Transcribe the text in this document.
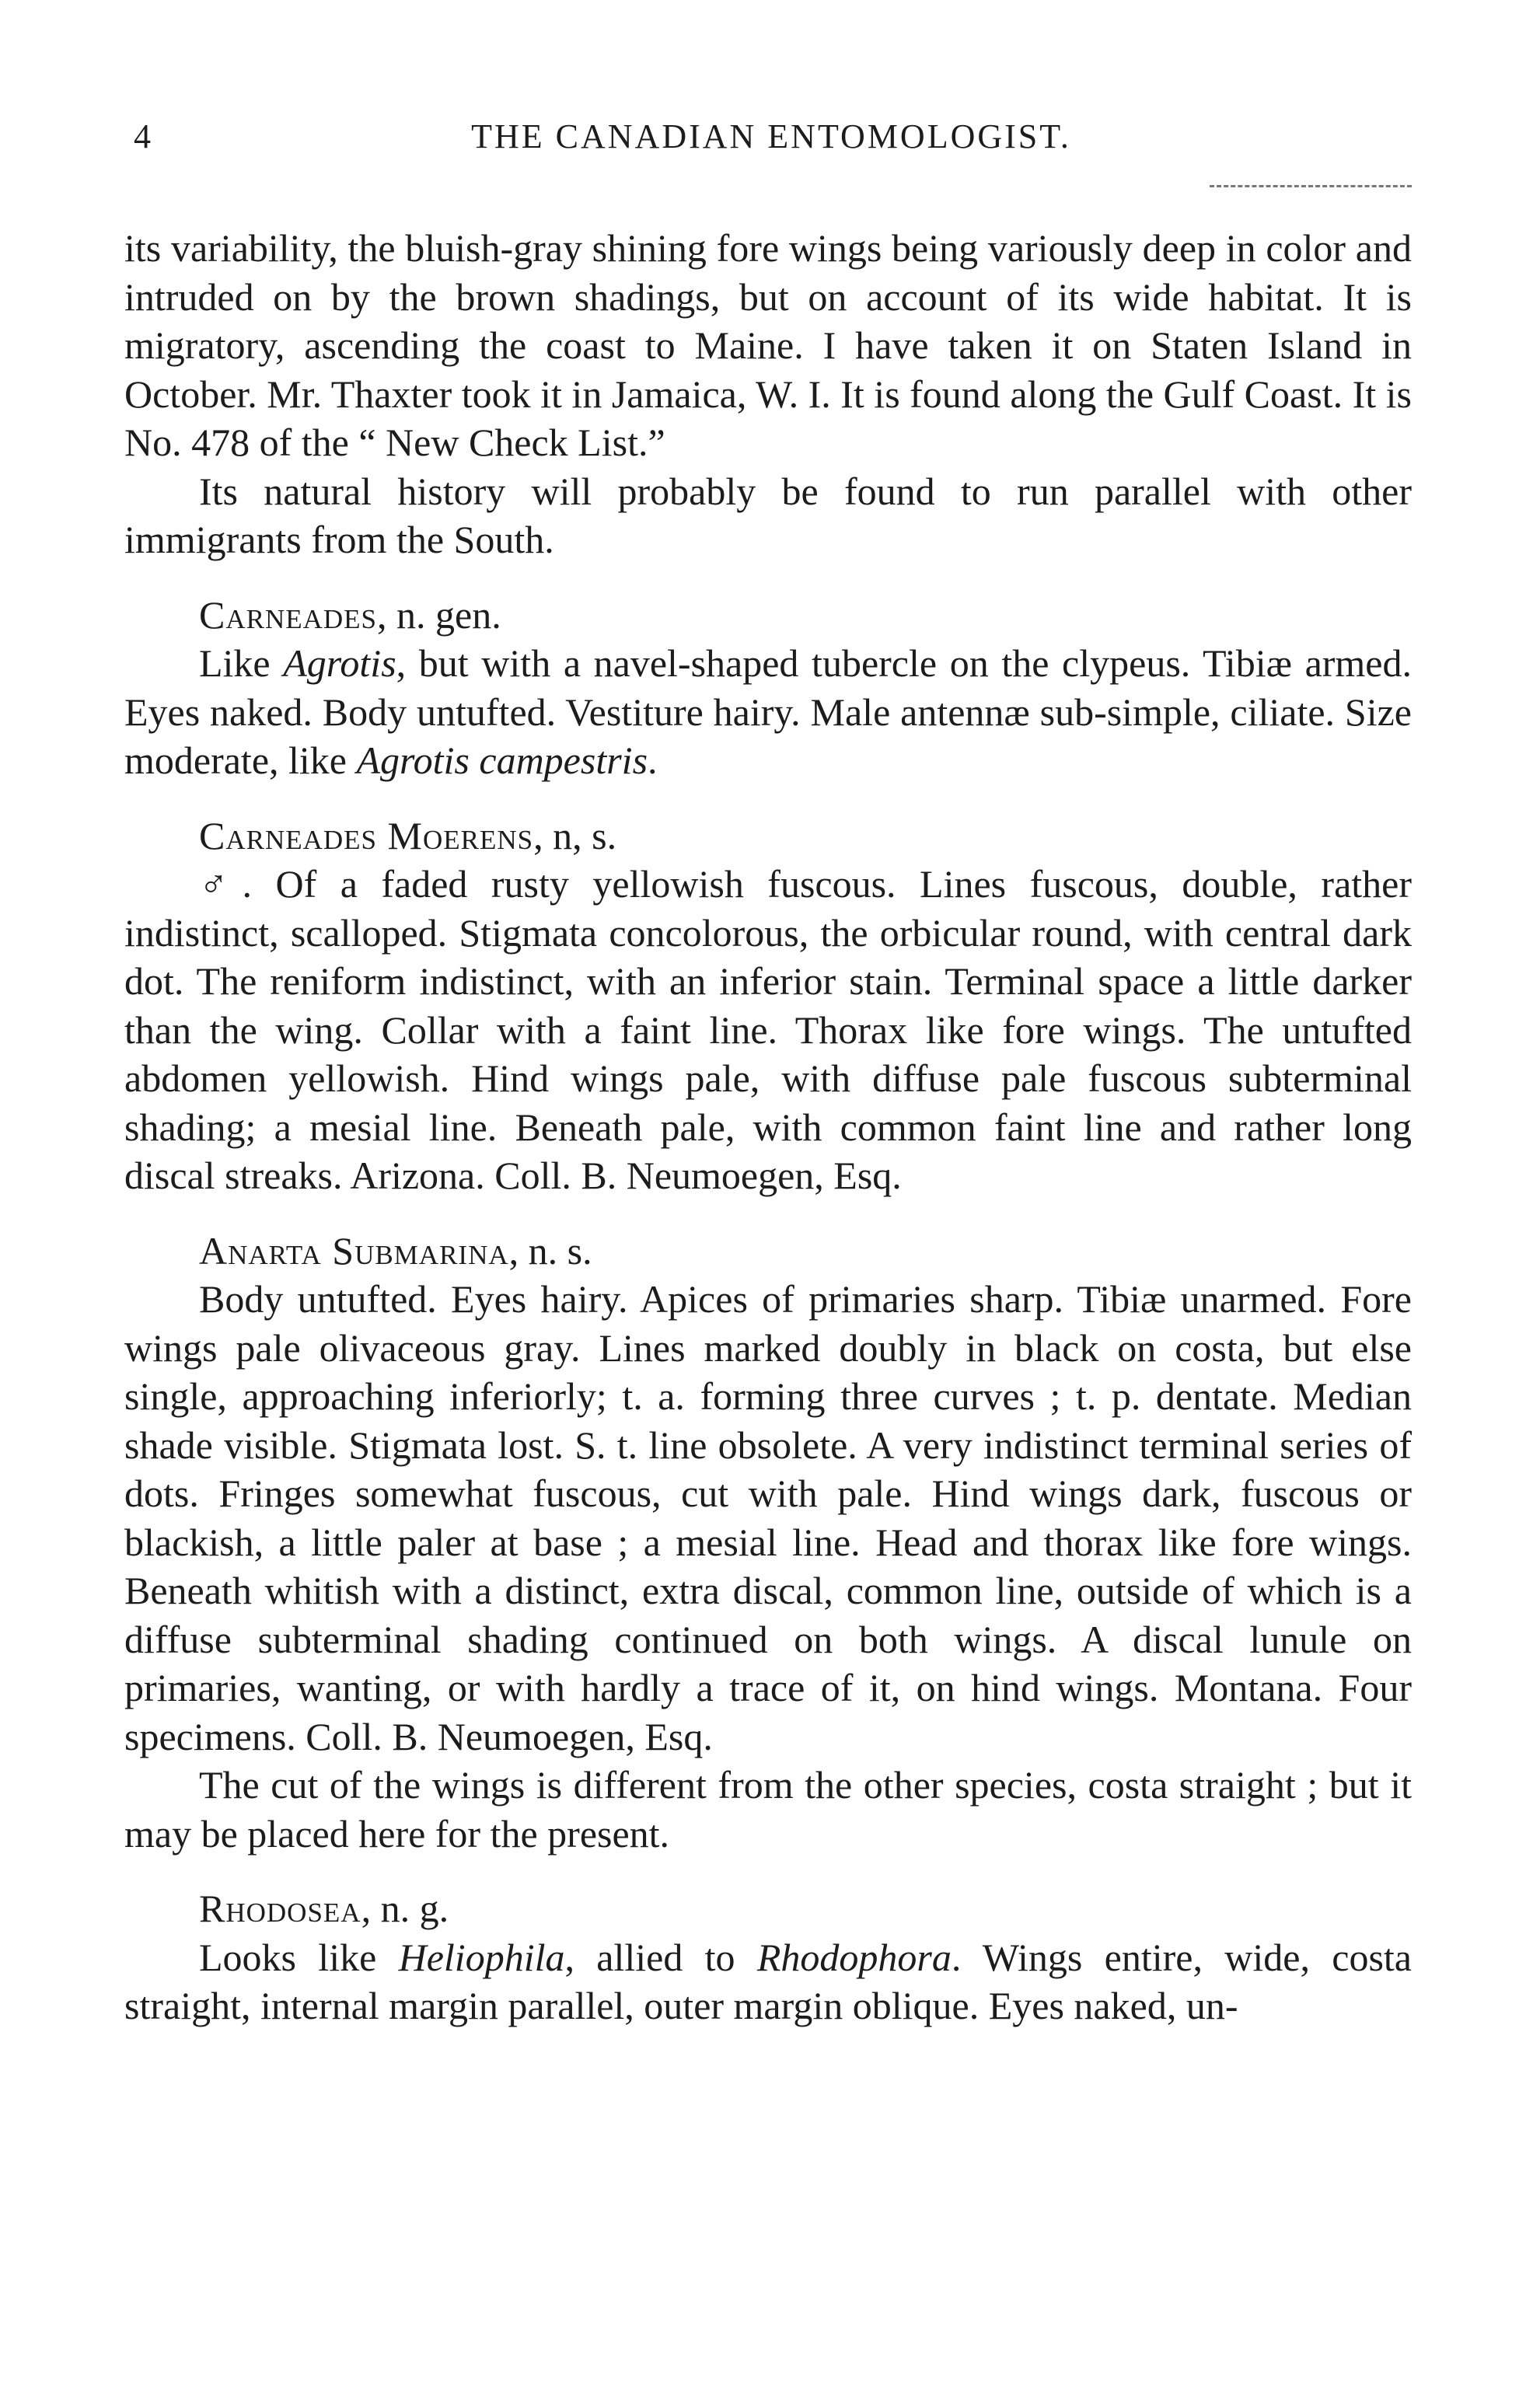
4	THE CANADIAN ENTOMOLOGIST.

its variability, the bluish-gray shining fore wings being variously deep in color and intruded on by the brown shadings, but on account of its wide habitat. It is migratory, ascending the coast to Maine. I have taken it on Staten Island in October. Mr. Thaxter took it in Jamaica, W. I. It is found along the Gulf Coast. It is No. 478 of the “ New Check List.”

Its natural history will probably be found to run parallel with other immigrants from the South.

Carneades, n. gen.

Like Agrotis, but with a navel-shaped tubercle on the clypeus. Tibiæ armed. Eyes naked. Body untufted. Vestiture hairy. Male antennæ sub-simple, ciliate. Size moderate, like Agrotis campestris.

Carneades Moerens, n, s.

♂. Of a faded rusty yellowish fuscous. Lines fuscous, double, rather indistinct, scalloped. Stigmata concolorous, the orbicular round, with central dark dot. The reniform indistinct, with an inferior stain. Terminal space a little darker than the wing. Collar with a faint line. Thorax like fore wings. The untufted abdomen yellowish. Hind wings pale, with diffuse pale fuscous subterminal shading; a mesial line. Beneath pale, with common faint line and rather long discal streaks. Arizona. Coll. B. Neumoegen, Esq.

Anarta Submarina, n. s.

Body untufted. Eyes hairy. Apices of primaries sharp. Tibiæ unarmed. Fore wings pale olivaceous gray. Lines marked doubly in black on costa, but else single, approaching inferiorly; t. a. forming three curves ; t. p. dentate. Median shade visible. Stigmata lost. S. t. line obsolete. A very indistinct terminal series of dots. Fringes somewhat fuscous, cut with pale. Hind wings dark, fuscous or blackish, a little paler at base ; a mesial line. Head and thorax like fore wings. Beneath whitish with a distinct, extra discal, common line, outside of which is a diffuse subterminal shading continued on both wings. A discal lunule on primaries, wanting, or with hardly a trace of it, on hind wings. Montana. Four specimens. Coll. B. Neumoegen, Esq.

The cut of the wings is different from the other species, costa straight ; but it may be placed here for the present.

Rhodosea, n. g.

Looks like Heliophila, allied to Rhodophora. Wings entire, wide, costa straight, internal margin parallel, outer margin oblique. Eyes naked, un-
